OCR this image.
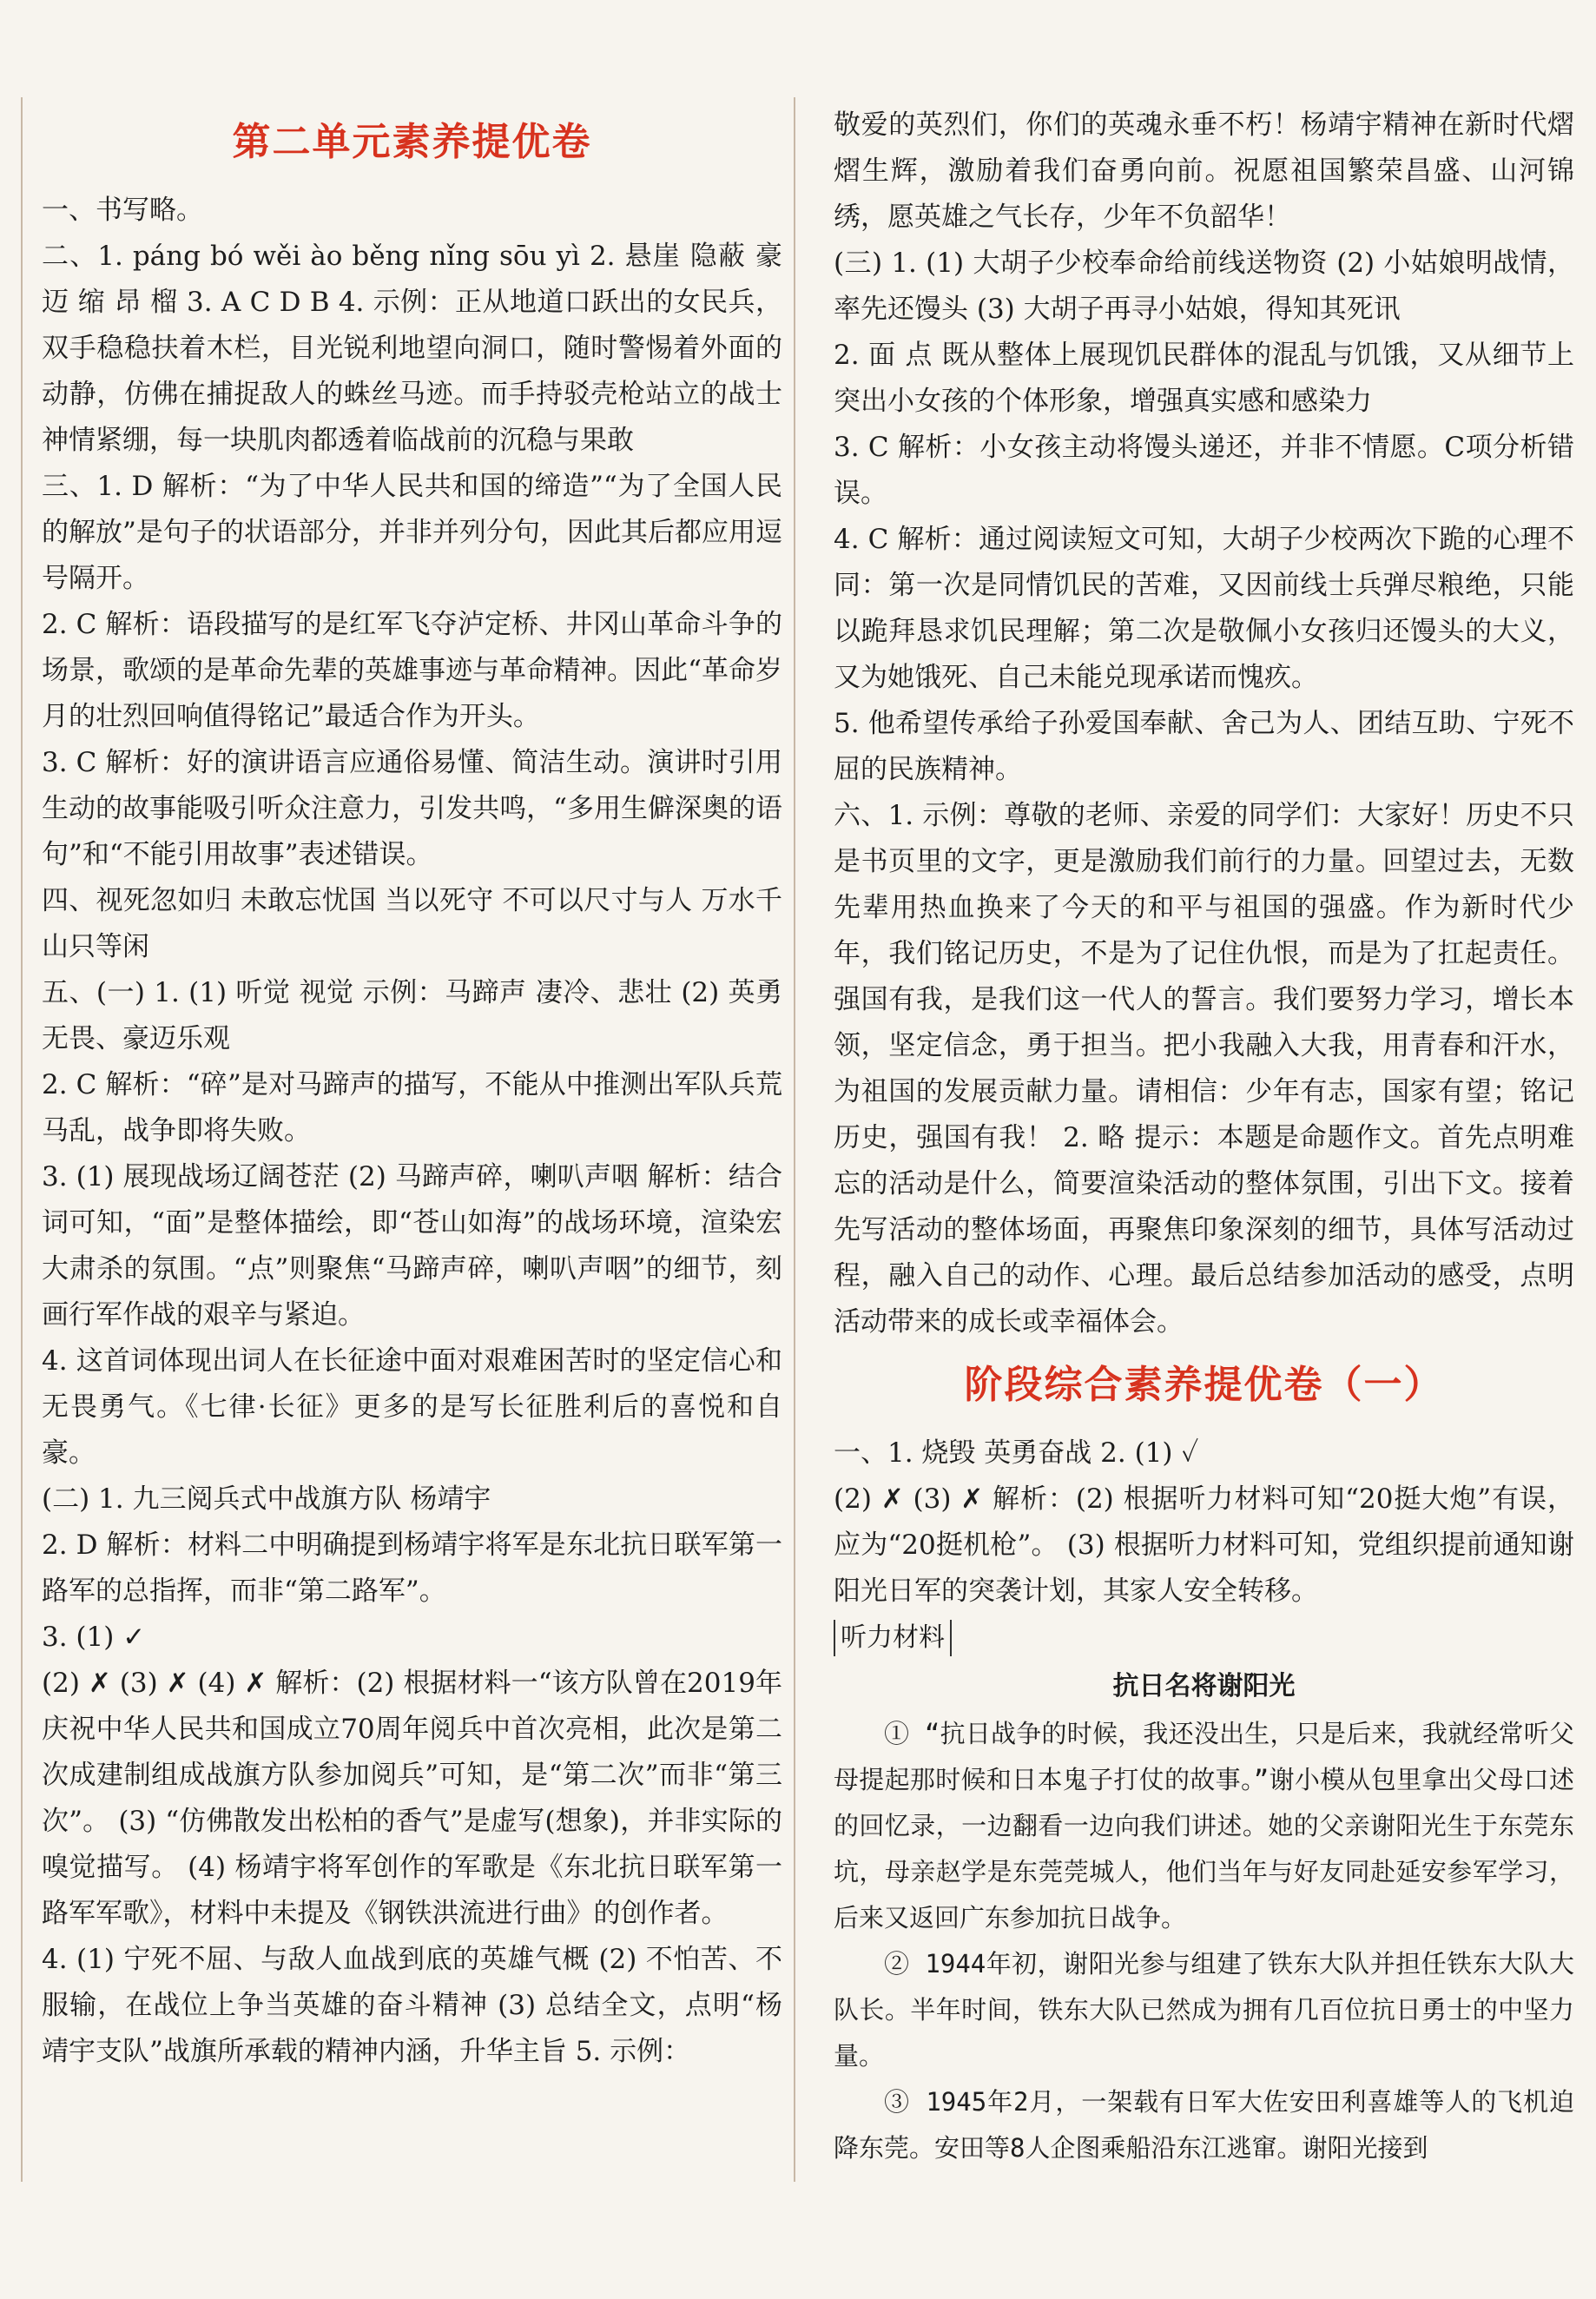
第二单元素养提优卷

一、书写略。

二、1. páng bó wěi ào běng nǐng sōu yì 2. 悬崖 隐蔽 豪迈 缩 昂 榴 3. A C D B 4. 示例：正从地道口跃出的女民兵，双手稳稳扶着木栏，目光锐利地望向洞口，随时警惕着外面的动静，仿佛在捕捉敌人的蛛丝马迹。而手持驳壳枪站立的战士神情紧绷，每一块肌肉都透着临战前的沉稳与果敢

三、1. D 解析：“为了中华人民共和国的缔造”“为了全国人民的解放”是句子的状语部分，并非并列分句，因此其后都应用逗号隔开。

2. C 解析：语段描写的是红军飞夺泸定桥、井冈山革命斗争的场景，歌颂的是革命先辈的英雄事迹与革命精神。因此“革命岁月的壮烈回响值得铭记”最适合作为开头。

3. C 解析：好的演讲语言应通俗易懂、简洁生动。演讲时引用生动的故事能吸引听众注意力，引发共鸣，“多用生僻深奥的语句”和“不能引用故事”表述错误。

四、视死忽如归 未敢忘忧国 当以死守 不可以尺寸与人 万水千山只等闲

五、(一) 1. (1) 听觉 视觉 示例：马蹄声 凄冷、悲壮 (2) 英勇无畏、豪迈乐观

2. C 解析：“碎”是对马蹄声的描写，不能从中推测出军队兵荒马乱，战争即将失败。

3. (1) 展现战场辽阔苍茫 (2) 马蹄声碎，喇叭声咽 解析：结合词可知，“面”是整体描绘，即“苍山如海”的战场环境，渲染宏大肃杀的氛围。“点”则聚焦“马蹄声碎，喇叭声咽”的细节，刻画行军作战的艰辛与紧迫。

4. 这首词体现出词人在长征途中面对艰难困苦时的坚定信心和无畏勇气。《七律·长征》更多的是写长征胜利后的喜悦和自豪。

(二) 1. 九三阅兵式中战旗方队 杨靖宇

2. D 解析：材料二中明确提到杨靖宇将军是东北抗日联军第一路军的总指挥，而非“第二路军”。

3. (1) ✓

(2) ✗ (3) ✗ (4) ✗ 解析：(2) 根据材料一“该方队曾在2019年庆祝中华人民共和国成立70周年阅兵中首次亮相，此次是第二次成建制组成战旗方队参加阅兵”可知，是“第二次”而非“第三次”。 (3) “仿佛散发出松柏的香气”是虚写(想象)，并非实际的嗅觉描写。 (4) 杨靖宇将军创作的军歌是《东北抗日联军第一路军军歌》，材料中未提及《钢铁洪流进行曲》的创作者。

4. (1) 宁死不屈、与敌人血战到底的英雄气概 (2) 不怕苦、不服输，在战位上争当英雄的奋斗精神 (3) 总结全文，点明“杨靖宇支队”战旗所承载的精神内涵，升华主旨 5. 示例：

敬爱的英烈们，你们的英魂永垂不朽！杨靖宇精神在新时代熠熠生辉，激励着我们奋勇向前。祝愿祖国繁荣昌盛、山河锦绣，愿英雄之气长存，少年不负韶华！

(三) 1. (1) 大胡子少校奉命给前线送物资 (2) 小姑娘明战情，率先还馒头 (3) 大胡子再寻小姑娘，得知其死讯

2. 面 点 既从整体上展现饥民群体的混乱与饥饿，又从细节上突出小女孩的个体形象，增强真实感和感染力

3. C 解析：小女孩主动将馒头递还，并非不情愿。C项分析错误。

4. C 解析：通过阅读短文可知，大胡子少校两次下跪的心理不同：第一次是同情饥民的苦难，又因前线士兵弹尽粮绝，只能以跪拜恳求饥民理解；第二次是敬佩小女孩归还馒头的大义，又为她饿死、自己未能兑现承诺而愧疚。

5. 他希望传承给子孙爱国奉献、舍己为人、团结互助、宁死不屈的民族精神。

六、1. 示例：尊敬的老师、亲爱的同学们：大家好！历史不只是书页里的文字，更是激励我们前行的力量。回望过去，无数先辈用热血换来了今天的和平与祖国的强盛。作为新时代少年，我们铭记历史，不是为了记住仇恨，而是为了扛起责任。强国有我，是我们这一代人的誓言。我们要努力学习，增长本领，坚定信念，勇于担当。把小我融入大我，用青春和汗水，为祖国的发展贡献力量。请相信：少年有志，国家有望；铭记历史，强国有我！ 2. 略 提示：本题是命题作文。首先点明难忘的活动是什么，简要渲染活动的整体氛围，引出下文。接着先写活动的整体场面，再聚焦印象深刻的细节，具体写活动过程，融入自己的动作、心理。最后总结参加活动的感受，点明活动带来的成长或幸福体会。

阶段综合素养提优卷（一）

一、1. 烧毁 英勇奋战 2. (1) ✓

(2) ✗ (3) ✗ 解析：(2) 根据听力材料可知“20挺大炮”有误，应为“20挺机枪”。 (3) 根据听力材料可知，党组织提前通知谢阳光日军的突袭计划，其家人安全转移。

听力材料
抗日名将谢阳光

① “抗日战争的时候，我还没出生，只是后来，我就经常听父母提起那时候和日本鬼子打仗的故事。”谢小模从包里拿出父母口述的回忆录，一边翻看一边向我们讲述。她的父亲谢阳光生于东莞东坑，母亲赵学是东莞莞城人，他们当年与好友同赴延安参军学习，后来又返回广东参加抗日战争。

② 1944年初，谢阳光参与组建了铁东大队并担任铁东大队大队长。半年时间，铁东大队已然成为拥有几百位抗日勇士的中坚力量。

③ 1945年2月，一架载有日军大佐安田利喜雄等人的飞机迫降东莞。安田等8人企图乘船沿东江逃窜。谢阳光接到
